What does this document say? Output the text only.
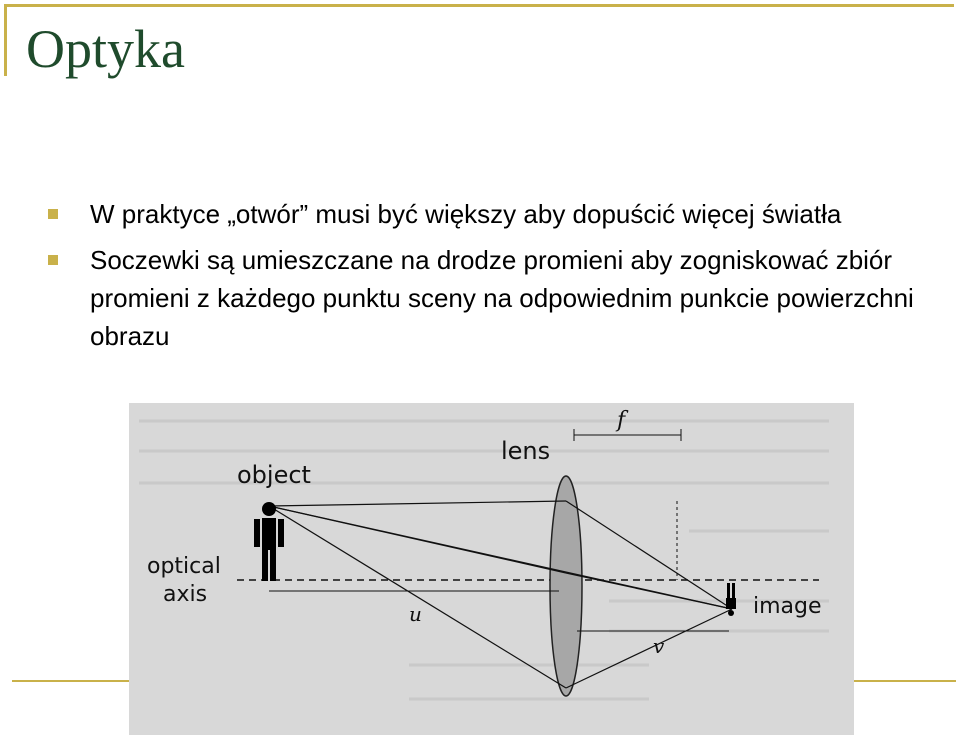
Optyka
W praktyce „otwór” musi być większy aby dopuścić więcej światła
Soczewki są umieszczane na drodze promieni aby zogniskować zbiór promieni z każdego punktu sceny na odpowiednim punkcie powierzchni obrazu
lens
object
optical
axis	image
u
v
f
